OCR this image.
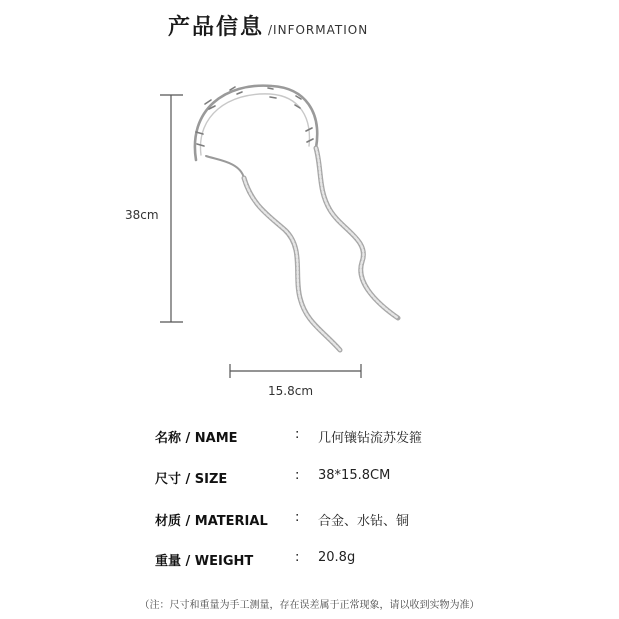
产品信息 /INFORMATION
38cm
15.8cm
名称 / NAME	: 几何镶钻流苏发箍
尺寸 / SIZE	: 38*15.8CM
材质 / MATERIAL : 合金、水钻、铜
重量 / WEIGHT	: 20.8g
（注：尺寸和重量为手工测量，存在误差属于正常现象，请以收到实物为准）
